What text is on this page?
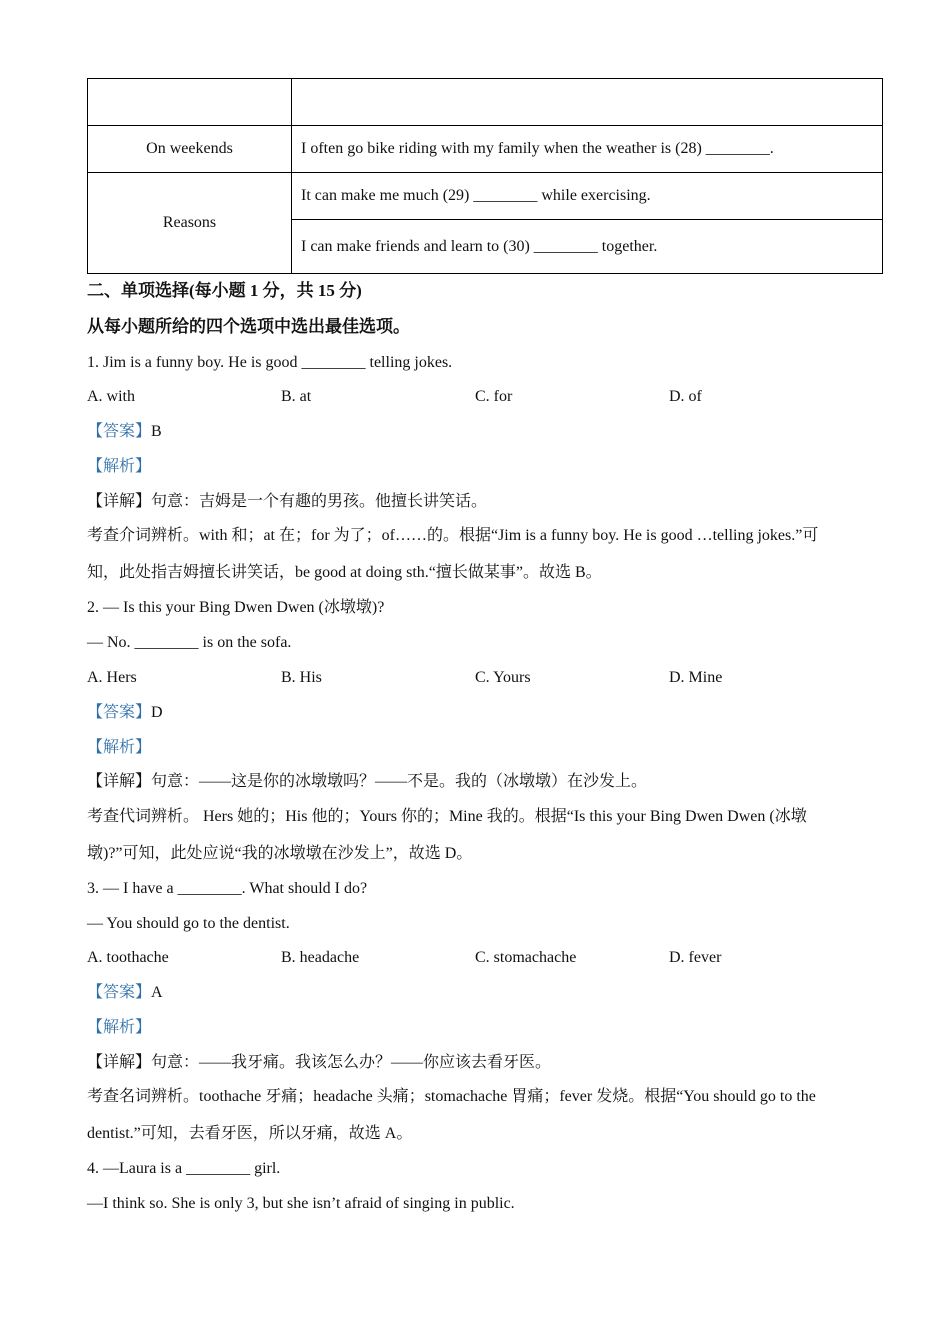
On weekends	I often go bike riding with my family when the weather is (28) ________.
Reasons	It can make me much (29) ________ while exercising.
	I can make friends and learn to (30) ________ together.
二、单项选择(每小题 1 分，共 15 分)
从每小题所给的四个选项中选出最佳选项。
1. Jim is a funny boy. He is good ________ telling jokes.
A. with	B. at	C. for	D. of
【答案】B
【解析】
【详解】句意：吉姆是一个有趣的男孩。他擅长讲笑话。
考查介词辨析。with 和；at 在；for 为了；of……的。根据“Jim is a funny boy. He is good …telling jokes.”可
知，此处指吉姆擅长讲笑话，be good at doing sth.“擅长做某事”。故选 B。
2. — Is this your Bing Dwen Dwen (冰墩墩)?
— No. ________ is on the sofa.
A. Hers	B. His	C. Yours	D. Mine
【答案】D
【解析】
【详解】句意：——这是你的冰墩墩吗？——不是。我的（冰墩墩）在沙发上。
考查代词辨析。 Hers 她的；His 他的；Yours 你的；Mine 我的。根据“Is this your Bing Dwen Dwen (冰墩
墩)?”可知，此处应说“我的冰墩墩在沙发上”，故选 D。
3. — I have a ________. What should I do?
— You should go to the dentist.
A. toothache	B. headache	C. stomachache	D. fever
【答案】A
【解析】
【详解】句意：——我牙痛。我该怎么办？——你应该去看牙医。
考查名词辨析。toothache 牙痛；headache 头痛；stomachache 胃痛；fever 发烧。根据“You should go to the
dentist.”可知，去看牙医，所以牙痛，故选 A。
4. —Laura is a ________ girl.
—I think so. She is only 3, but she isn’t afraid of singing in public.
